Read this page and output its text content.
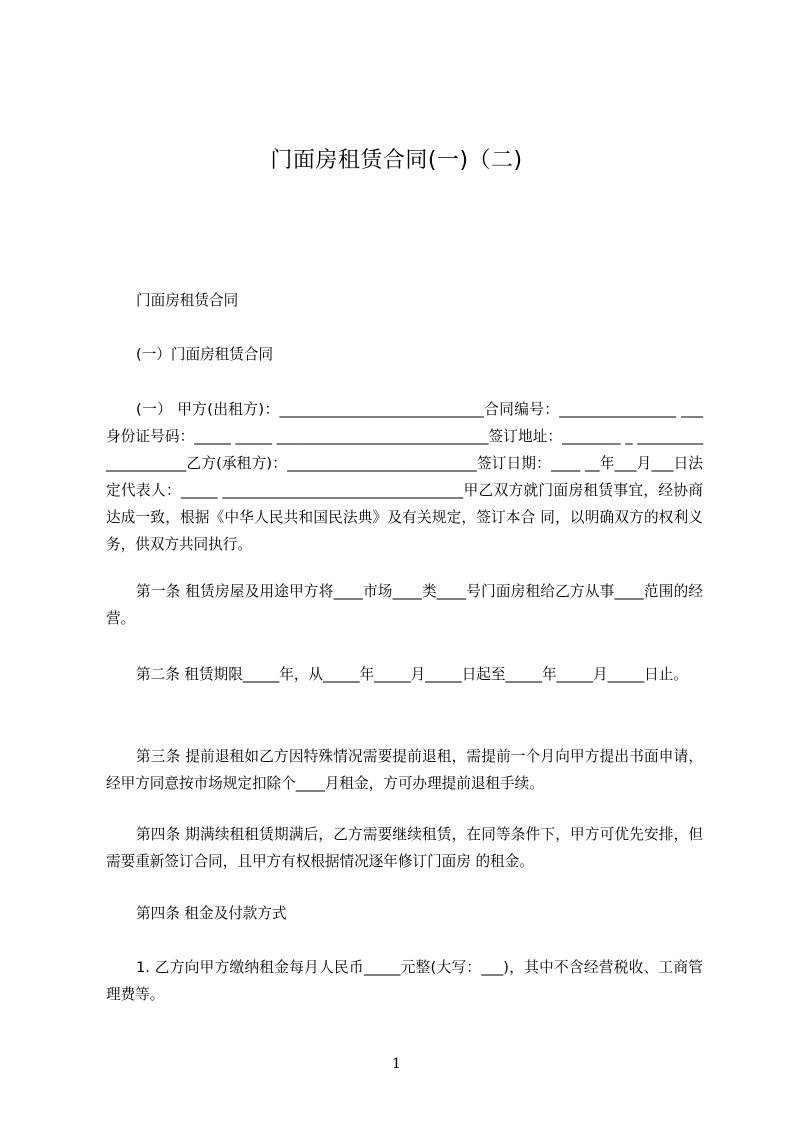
门面房租赁合同(一)（二)

门面房租赁合同

(一）门面房租赁合同

(一） 甲方(出租方)：____________________________合同编号：________________ ___身份证号码：_____ _____ _____________________________签订地址：________ _ ____________________乙方(承租方)：__________________________签订日期：____ __年___月___日法定代表人：_____ _________________________________甲乙双方就门面房租赁事宜，经协商达成一致，根据《中华人民共和国民法典》及有关规定，签订本合 同，以明确双方的权利义务，供双方共同执行。

第一条 租赁房屋及用途甲方将____市场____类____号门面房租给乙方从事____范围的经营。

第二条 租赁期限_____年，从_____年_____月_____日起至_____年_____月_____日止。

第三条 提前退租如乙方因特殊情况需要提前退租，需提前一个月向甲方提出书面申请，经甲方同意按市场规定扣除个____月租金，方可办理提前退租手续。

第四条 期满续租租赁期满后，乙方需要继续租赁，在同等条件下，甲方可优先安排，但需要重新签订合同，且甲方有权根据情况逐年修订门面房 的租金。

第四条 租金及付款方式

1. 乙方向甲方缴纳租金每月人民币_____元整(大写：___)，其中不含经营税收、工商管理费等。

1
